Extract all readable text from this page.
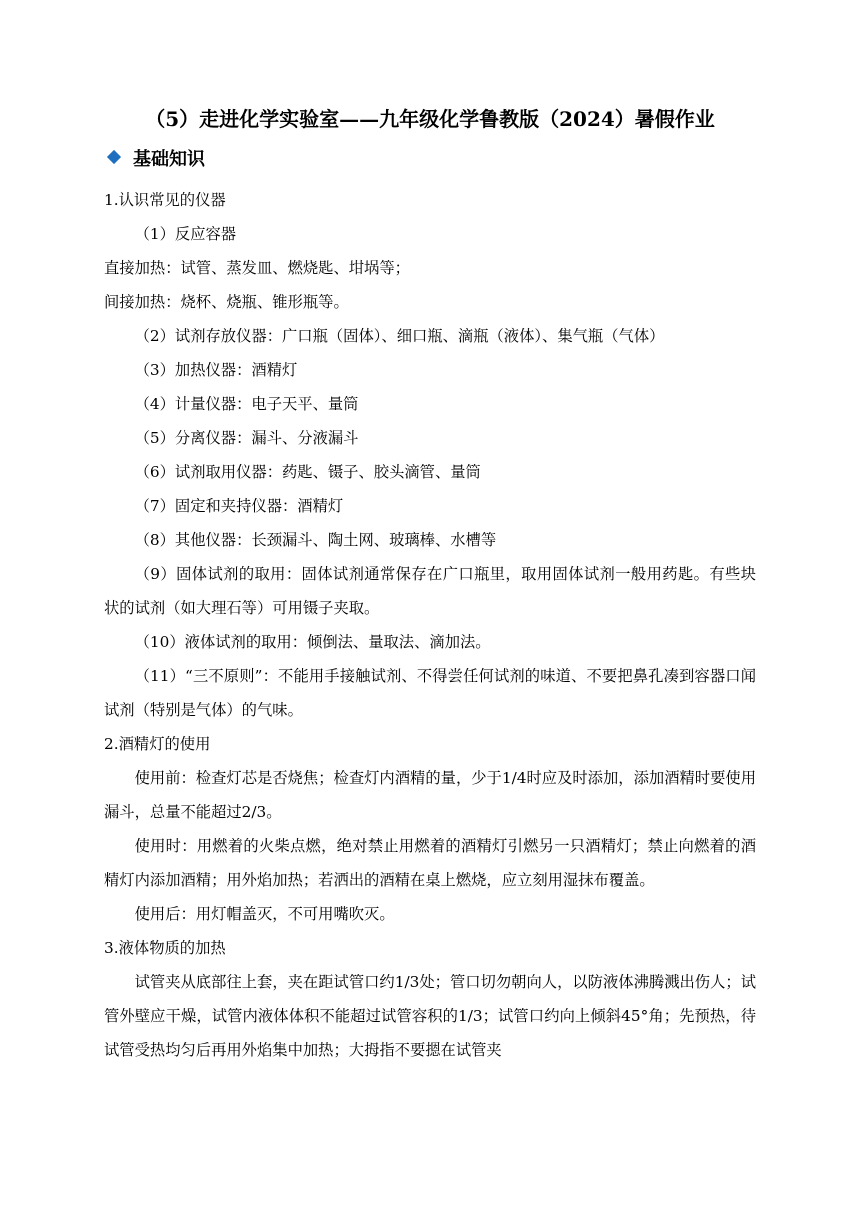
（5）走进化学实验室——九年级化学鲁教版（2024）暑假作业
基础知识

1.认识常见的仪器

（1）反应容器

直接加热：试管、蒸发皿、燃烧匙、坩埚等；

间接加热：烧杯、烧瓶、锥形瓶等。

（2）试剂存放仪器：广口瓶（固体）、细口瓶、滴瓶（液体）、集气瓶（气体）

（3）加热仪器：酒精灯

（4）计量仪器：电子天平、量筒

（5）分离仪器：漏斗、分液漏斗

（6）试剂取用仪器：药匙、镊子、胶头滴管、量筒

（7）固定和夹持仪器：酒精灯

（8）其他仪器：长颈漏斗、陶土网、玻璃棒、水槽等

（9）固体试剂的取用：固体试剂通常保存在广口瓶里，取用固体试剂一般用药匙。有些块状的试剂（如大理石等）可用镊子夹取。

（10）液体试剂的取用：倾倒法、量取法、滴加法。

（11）“三不原则”：不能用手接触试剂、不得尝任何试剂的味道、不要把鼻孔凑到容器口闻试剂（特别是气体）的气味。

2.酒精灯的使用

使用前：检查灯芯是否烧焦；检查灯内酒精的量，少于1/4时应及时添加，添加酒精时要使用漏斗，总量不能超过2/3。

使用时：用燃着的火柴点燃，绝对禁止用燃着的酒精灯引燃另一只酒精灯；禁止向燃着的酒精灯内添加酒精；用外焰加热；若洒出的酒精在桌上燃烧，应立刻用湿抹布覆盖。

使用后：用灯帽盖灭，不可用嘴吹灭。

3.液体物质的加热

试管夹从底部往上套，夹在距试管口约1/3处；管口切勿朝向人，以防液体沸腾溅出伤人；试管外壁应干燥，试管内液体体积不能超过试管容积的1/3；试管口约向上倾斜45°角；先预热，待试管受热均匀后再用外焰集中加热；大拇指不要摁在试管夹
